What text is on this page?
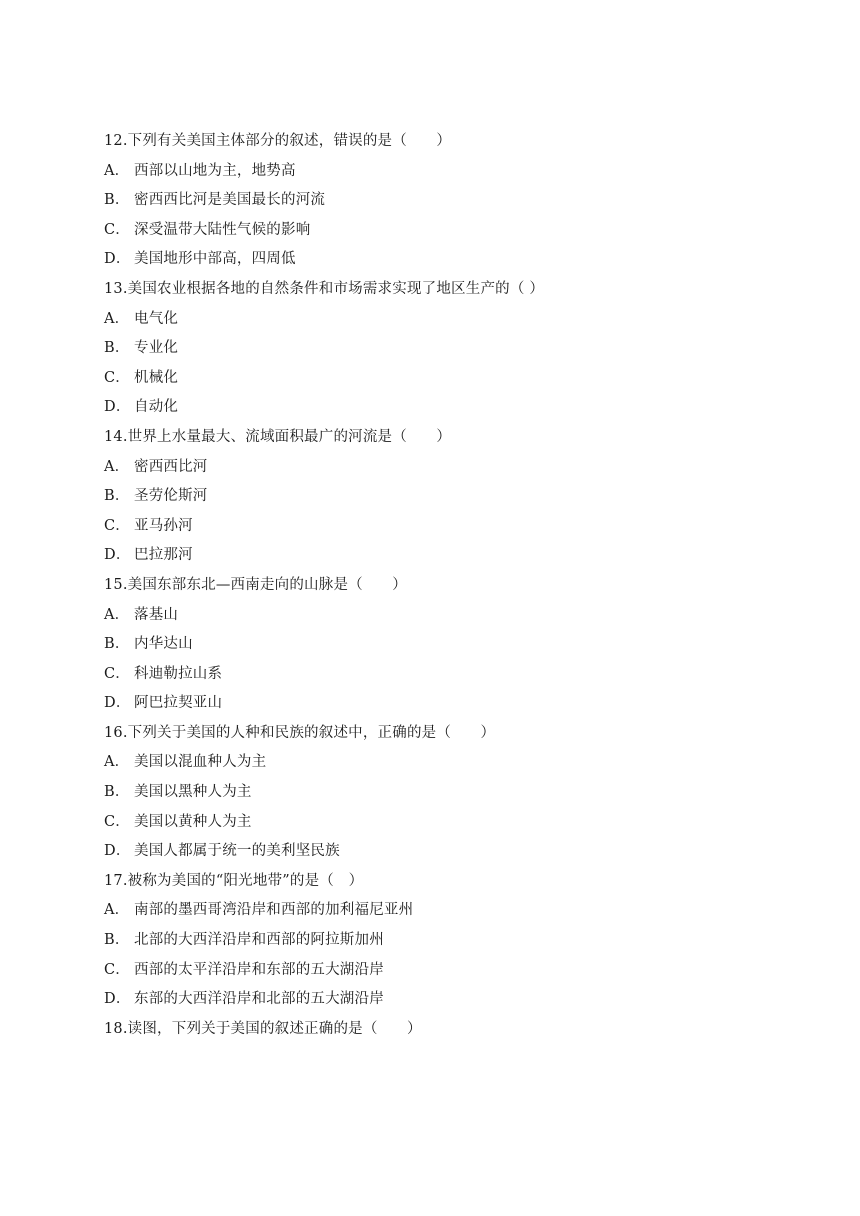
12.下列有关美国主体部分的叙述，错误的是（　　）
A． 西部以山地为主，地势高
B． 密西西比河是美国最长的河流
C． 深受温带大陆性气候的影响
D． 美国地形中部高，四周低
13.美国农业根据各地的自然条件和市场需求实现了地区生产的（ ）
A． 电气化
B． 专业化
C． 机械化
D． 自动化
14.世界上水量最大、流域面积最广的河流是（　　）
A． 密西西比河
B． 圣劳伦斯河
C． 亚马孙河
D． 巴拉那河
15.美国东部东北—西南走向的山脉是（　　）
A． 落基山
B． 内华达山
C． 科迪勒拉山系
D． 阿巴拉契亚山
16.下列关于美国的人种和民族的叙述中，正确的是（　　）
A． 美国以混血种人为主
B． 美国以黑种人为主
C． 美国以黄种人为主
D． 美国人都属于统一的美利坚民族
17.被称为美国的“阳光地带”的是（　）
A． 南部的墨西哥湾沿岸和西部的加利福尼亚州
B． 北部的大西洋沿岸和西部的阿拉斯加州
C． 西部的太平洋沿岸和东部的五大湖沿岸
D． 东部的大西洋沿岸和北部的五大湖沿岸
18.读图，下列关于美国的叙述正确的是（　　）
